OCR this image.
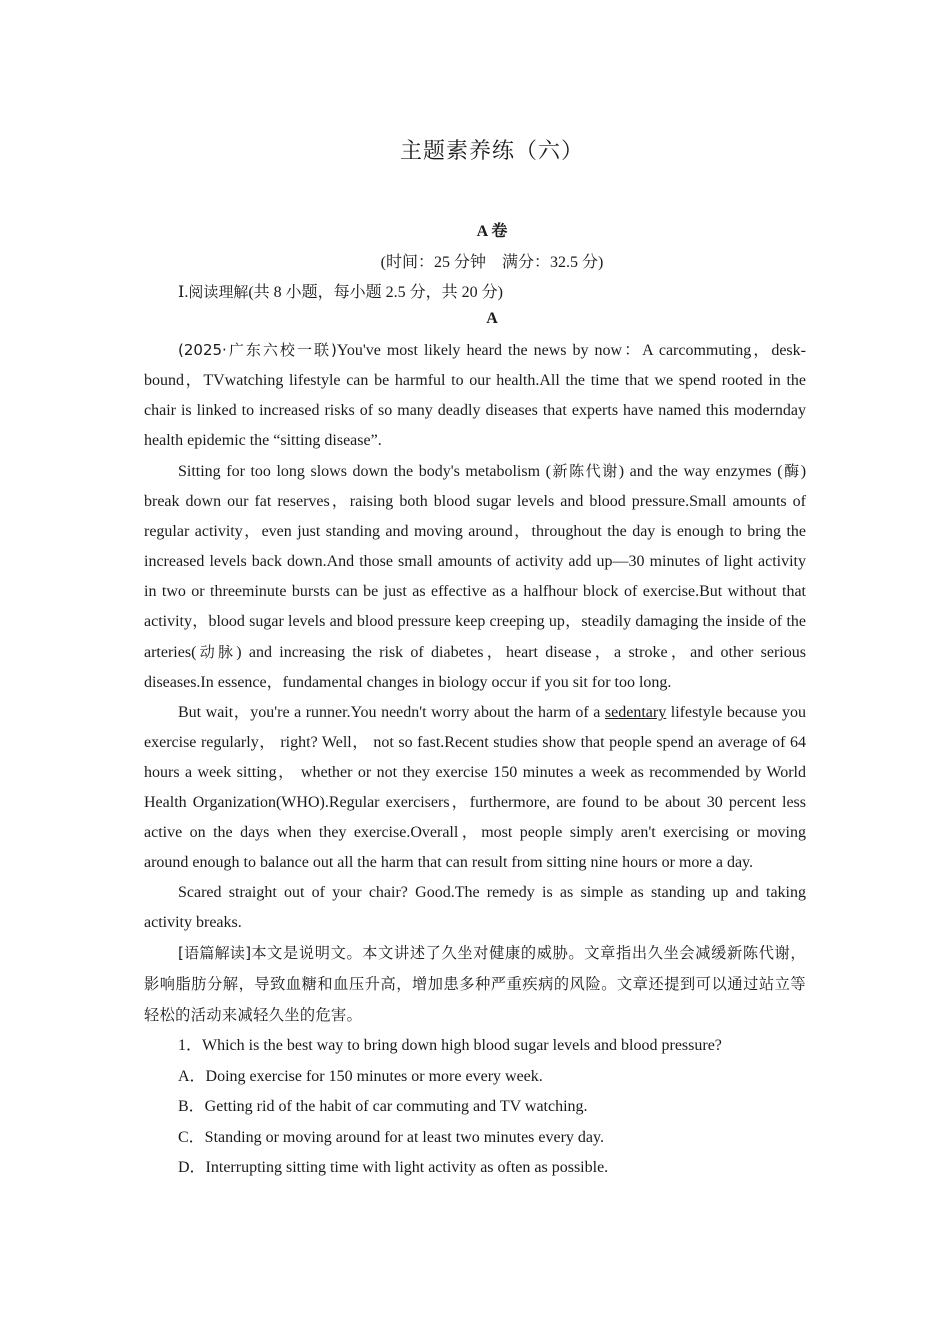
主题素养练（六）
A 卷
(时间：25 分钟　满分：32.5 分)
Ⅰ.阅读理解(共 8 小题，每小题 2.5 分，共 20 分)
A

(2025·广东六校一联)You've most likely heard the news by now：A carcommuting，desk-bound，TVwatching lifestyle can be harmful to our health.All the time that we spend rooted in the chair is linked to increased risks of so many deadly diseases that experts have named this modernday health epidemic the “sitting disease”.

Sitting for too long slows down the body's metabolism (新陈代谢) and the way enzymes (酶) break down our fat reserves，raising both blood sugar levels and blood pressure.Small amounts of regular activity，even just standing and moving around，throughout the day is enough to bring the increased levels back down.And those small amounts of activity add up—30 minutes of light activity in two or threeminute bursts can be just as effective as a halfhour block of exercise.But without that activity，blood sugar levels and blood pressure keep creeping up，steadily damaging the inside of the arteries(动脉) and increasing the risk of diabetes，heart disease，a stroke，and other serious diseases.In essence，fundamental changes in biology occur if you sit for too long.

But wait，you're a runner.You needn't worry about the harm of a sedentary lifestyle because you exercise regularly， right? Well， not so fast.Recent studies show that people spend an average of 64 hours a week sitting， whether or not they exercise 150 minutes a week as recommended by World Health Organization(WHO).Regular exercisers，furthermore, are found to be about 30 percent less active on the days when they exercise.Overall，most people simply aren't exercising or moving around enough to balance out all the harm that can result from sitting nine hours or more a day.

Scared straight out of your chair? Good.The remedy is as simple as standing up and taking activity breaks.

[语篇解读]本文是说明文。本文讲述了久坐对健康的威胁。文章指出久坐会减缓新陈代谢，影响脂肪分解，导致血糖和血压升高，增加患多种严重疾病的风险。文章还提到可以通过站立等轻松的活动来减轻久坐的危害。

1．Which is the best way to bring down high blood sugar levels and blood pressure?
A．Doing exercise for 150 minutes or more every week.
B．Getting rid of the habit of car commuting and TV watching.
C．Standing or moving around for at least two minutes every day.
D．Interrupting sitting time with light activity as often as possible.
